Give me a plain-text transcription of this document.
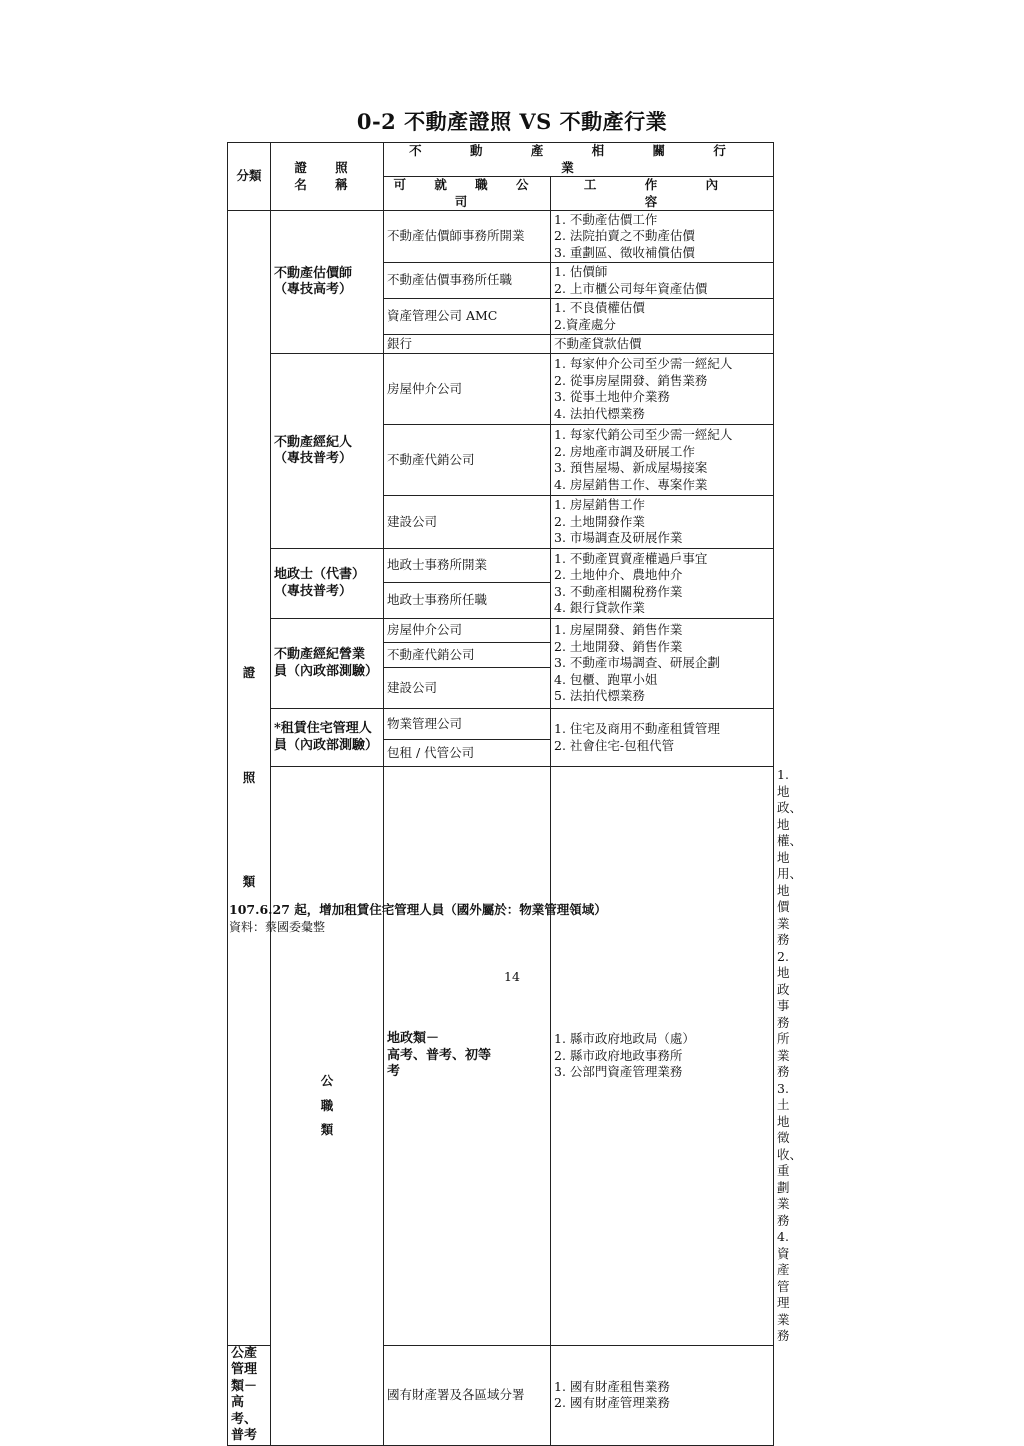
0-2 不動產證照 VS 不動產行業
分類	證 照 名 稱	不 動 產 相 關 行 業		
		可 就 職 公 司	工 作 內 容	

證
照
類	不動產估價師
（專技高考）	不動產估價師事務所開業	1. 不動產估價工作
2. 法院拍賣之不動產估價
3. 重劃區、徵收補償估價	

		不動產估價事務所任職	1. 估價師
2. 上市櫃公司每年資產估價	

		資產管理公司 AMC	1. 不良債權估價
2.資產處分	

		銀行	不動產貸款估價	

	不動產經紀人
（專技普考）	房屋仲介公司	1. 每家仲介公司至少需一經紀人
2. 從事房屋開發、銷售業務
3. 從事土地仲介業務
4. 法拍代標業務	

		不動產代銷公司	1. 每家代銷公司至少需一經紀人
2. 房地產市調及研展工作
3. 預售屋場、新成屋場接案
4. 房屋銷售工作、專案作業	

		建設公司	1. 房屋銷售工作
2. 土地開發作業
3. 市場調查及研展作業	

	地政士（代書）
（專技普考）	地政士事務所開業	1. 不動產買賣產權過戶事宜
2. 土地仲介、農地仲介
3. 不動產相關稅務作業
4. 銀行貸款作業	

		地政士事務所任職		

	不動產經紀營業
員（內政部測驗）	房屋仲介公司	1. 房屋開發、銷售作業
2. 土地開發、銷售作業
3. 不動產市場調查、研展企劃
4. 包櫃、跑單小姐
5. 法拍代標業務	

		不動產代銷公司		
		建設公司		

	*租賃住宅管理人
員（內政部測驗）	物業管理公司	1. 住宅及商用不動產租賃管理
2. 社會住宅-包租代管	

		包租 / 代管公司		

	公
職
類	地政類－
高考、普考、初等
考	1. 縣市政府地政局（處）
2. 縣市政府地政事務所
3. 公部門資產管理業務	1. 地政、地權、地用、地價業務
2. 地政事務所業務
3. 土地徵收、重劃業務
4. 資產管理業務

公產管理類－
高考、普考		國有財產署及各區域分署	1. 國有財產租售業務
2. 國有財產管理業務	
107.6.27 起，增加租賃住宅管理人員（國外屬於：物業管理領域）
資料：蔡國委彙整
14
